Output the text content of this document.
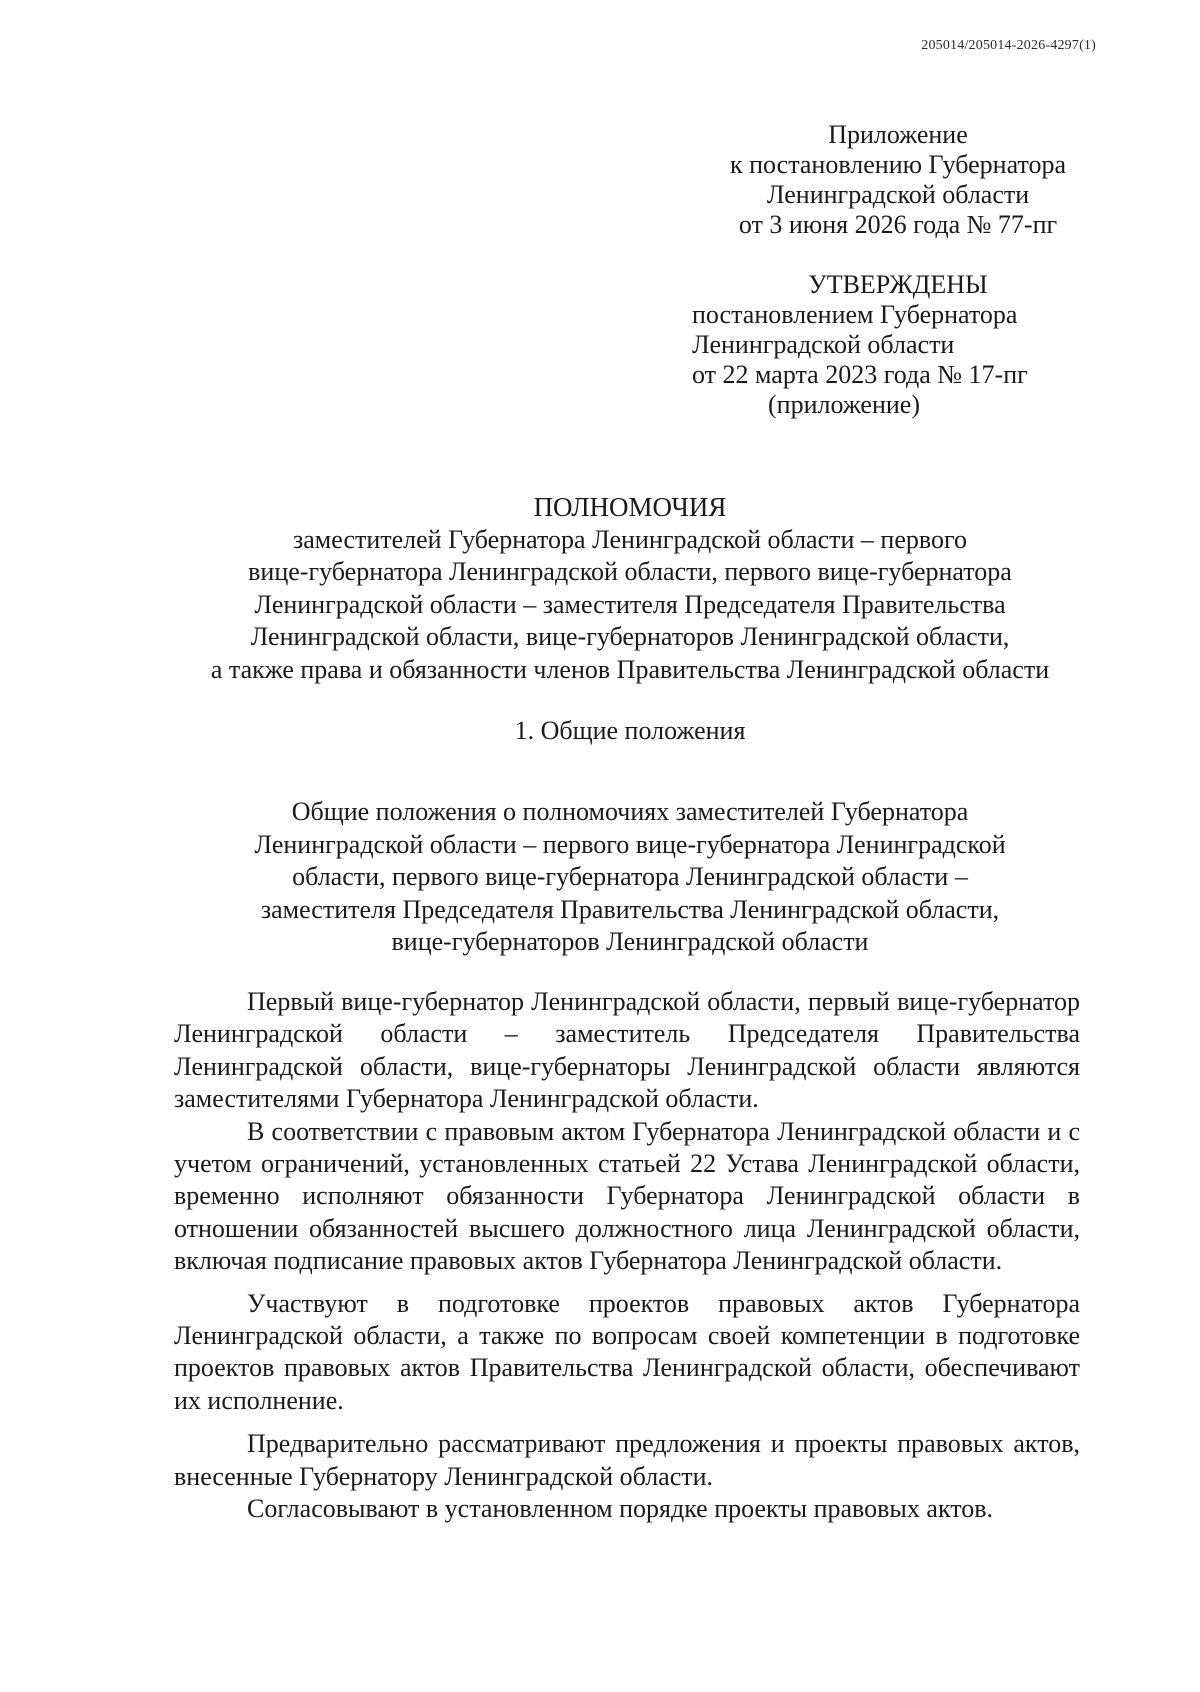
205014/205014-2026-4297(1)
Приложение
к постановлению Губернатора
Ленинградской области
от 3 июня 2026 года № 77-пг
УТВЕРЖДЕНЫ
постановлением Губернатора
Ленинградской области
от 22 марта 2023 года № 17-пг
(приложение)
ПОЛНОМОЧИЯ
заместителей Губернатора Ленинградской области – первого
вице-губернатора Ленинградской области, первого вице-губернатора
Ленинградской области – заместителя Председателя Правительства
Ленинградской области, вице-губернаторов Ленинградской области,
а также права и обязанности членов Правительства Ленинградской области
1. Общие положения
Общие положения о полномочиях заместителей Губернатора
Ленинградской области – первого вице-губернатора Ленинградской
области, первого вице-губернатора Ленинградской области –
заместителя Председателя Правительства Ленинградской области,
вице-губернаторов Ленинградской области

Первый вице-губернатор Ленинградской области, первый вице-губернатор Ленинградской области – заместитель Председателя Правительства Ленинградской области, вице-губернаторы Ленинградской области являются заместителями Губернатора Ленинградской области.

В соответствии с правовым актом Губернатора Ленинградской области и с учетом ограничений, установленных статьей 22 Устава Ленинградской области, временно исполняют обязанности Губернатора Ленинградской области в отношении обязанностей высшего должностного лица Ленинградской области, включая подписание правовых актов Губернатора Ленинградской области.

Участвуют в подготовке проектов правовых актов Губернатора Ленинградской области, а также по вопросам своей компетенции в подготовке проектов правовых актов Правительства Ленинградской области, обеспечивают их исполнение.

Предварительно рассматривают предложения и проекты правовых актов, внесенные Губернатору Ленинградской области.

Согласовывают в установленном порядке проекты правовых актов.
